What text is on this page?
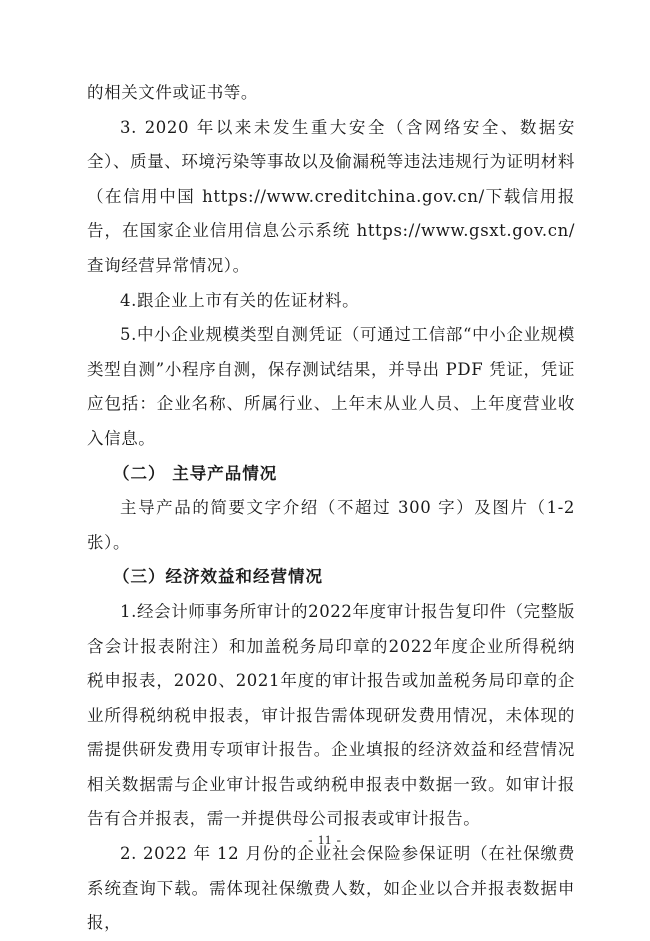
的相关文件或证书等。

3. 2020 年以来未发生重大安全（含网络安全、数据安全）、质量、环境污染等事故以及偷漏税等违法违规行为证明材料（在信用中国 https://www.creditchina.gov.cn/下载信用报告，在国家企业信用信息公示系统 https://www.gsxt.gov.cn/查询经营异常情况）。

4.跟企业上市有关的佐证材料。

5.中小企业规模类型自测凭证（可通过工信部“中小企业规模类型自测”小程序自测，保存测试结果，并导出 PDF 凭证，凭证应包括：企业名称、所属行业、上年末从业人员、上年度营业收入信息。

（二） 主导产品情况

主导产品的简要文字介绍（不超过 300 字）及图片（1-2 张）。

（三）经济效益和经营情况

1.经会计师事务所审计的2022年度审计报告复印件（完整版含会计报表附注）和加盖税务局印章的2022年度企业所得税纳税申报表，2020、2021年度的审计报告或加盖税务局印章的企业所得税纳税申报表，审计报告需体现研发费用情况，未体现的需提供研发费用专项审计报告。企业填报的经济效益和经营情况相关数据需与企业审计报告或纳税申报表中数据一致。如审计报告有合并报表，需一并提供母公司报表或审计报告。

2. 2022 年 12 月份的企业社会保险参保证明（在社保缴费系统查询下载。需体现社保缴费人数，如企业以合并报表数据申报，

- 11 -
